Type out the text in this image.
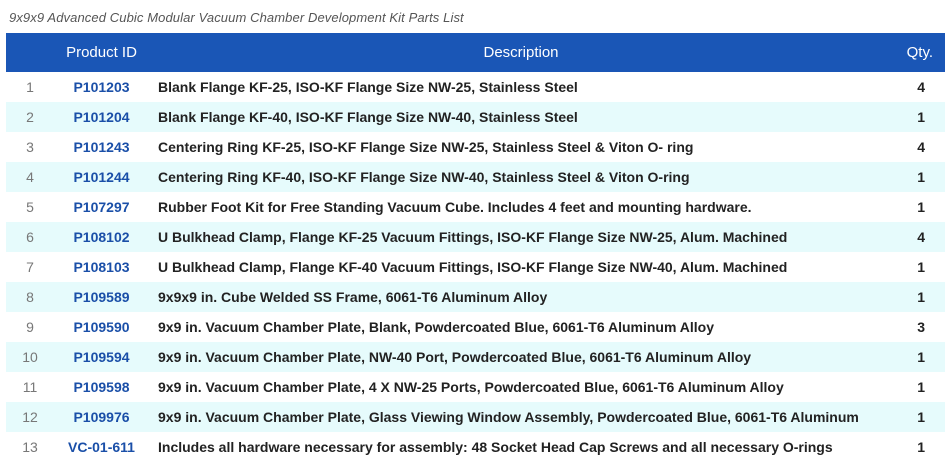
9x9x9 Advanced Cubic Modular Vacuum Chamber Development Kit Parts List
	Product ID	Description	Qty.
1	P101203	Blank Flange KF-25, ISO-KF Flange Size NW-25, Stainless Steel	4
2	P101204	Blank Flange KF-40, ISO-KF Flange Size NW-40, Stainless Steel	1
3	P101243	Centering Ring KF-25, ISO-KF Flange Size NW-25, Stainless Steel & Viton O- ring	4
4	P101244	Centering Ring KF-40, ISO-KF Flange Size NW-40, Stainless Steel & Viton O-ring	1
5	P107297	Rubber Foot Kit for Free Standing Vacuum Cube. Includes 4 feet and mounting hardware.	1
6	P108102	U Bulkhead Clamp, Flange KF-25 Vacuum Fittings, ISO-KF Flange Size NW-25, Alum. Machined	4
7	P108103	U Bulkhead Clamp, Flange KF-40 Vacuum Fittings, ISO-KF Flange Size NW-40, Alum. Machined	1
8	P109589	9x9x9 in. Cube Welded SS Frame, 6061-T6 Aluminum Alloy	1
9	P109590	9x9 in. Vacuum Chamber Plate, Blank, Powdercoated Blue, 6061-T6 Aluminum Alloy	3
10	P109594	9x9 in. Vacuum Chamber Plate, NW-40 Port, Powdercoated Blue, 6061-T6 Aluminum Alloy	1
11	P109598	9x9 in. Vacuum Chamber Plate, 4 X NW-25 Ports, Powdercoated Blue, 6061-T6 Aluminum Alloy	1
12	P109976	9x9 in. Vacuum Chamber Plate, Glass Viewing Window Assembly, Powdercoated Blue, 6061-T6 Aluminum	1
13	VC-01-611	Includes all hardware necessary for assembly: 48 Socket Head Cap Screws and all necessary O-rings	1
